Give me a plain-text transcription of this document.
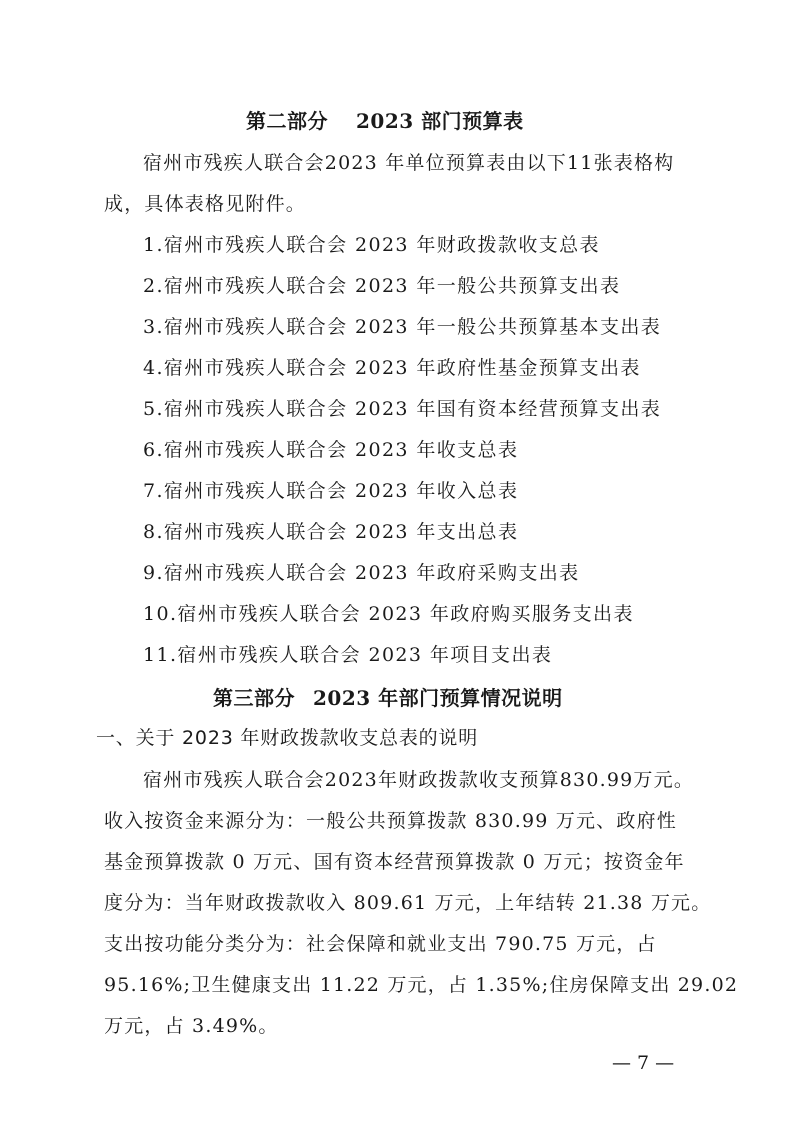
第二部分 2023 部门预算表
宿州市残疾人联合会2023 年单位预算表由以下11张表格构
成，具体表格见附件。
1.宿州市残疾人联合会 2023 年财政拨款收支总表
2.宿州市残疾人联合会 2023 年一般公共预算支出表
3.宿州市残疾人联合会 2023 年一般公共预算基本支出表
4.宿州市残疾人联合会 2023 年政府性基金预算支出表
5.宿州市残疾人联合会 2023 年国有资本经营预算支出表
6.宿州市残疾人联合会 2023 年收支总表
7.宿州市残疾人联合会 2023 年收入总表
8.宿州市残疾人联合会 2023 年支出总表
9.宿州市残疾人联合会 2023 年政府采购支出表
10.宿州市残疾人联合会 2023 年政府购买服务支出表
11.宿州市残疾人联合会 2023 年项目支出表
第三部分 2023 年部门预算情况说明
一、关于 2023 年财政拨款收支总表的说明
宿州市残疾人联合会2023年财政拨款收支预算830.99万元。
收入按资金来源分为：一般公共预算拨款 830.99 万元、政府性
基金预算拨款 0 万元、国有资本经营预算拨款 0 万元；按资金年
度分为：当年财政拨款收入 809.61 万元，上年结转 21.38 万元。
支出按功能分类分为：社会保障和就业支出 790.75 万元，占
95.16%;卫生健康支出 11.22 万元，占 1.35%;住房保障支出 29.02
万元，占 3.49%。
— 7 —
